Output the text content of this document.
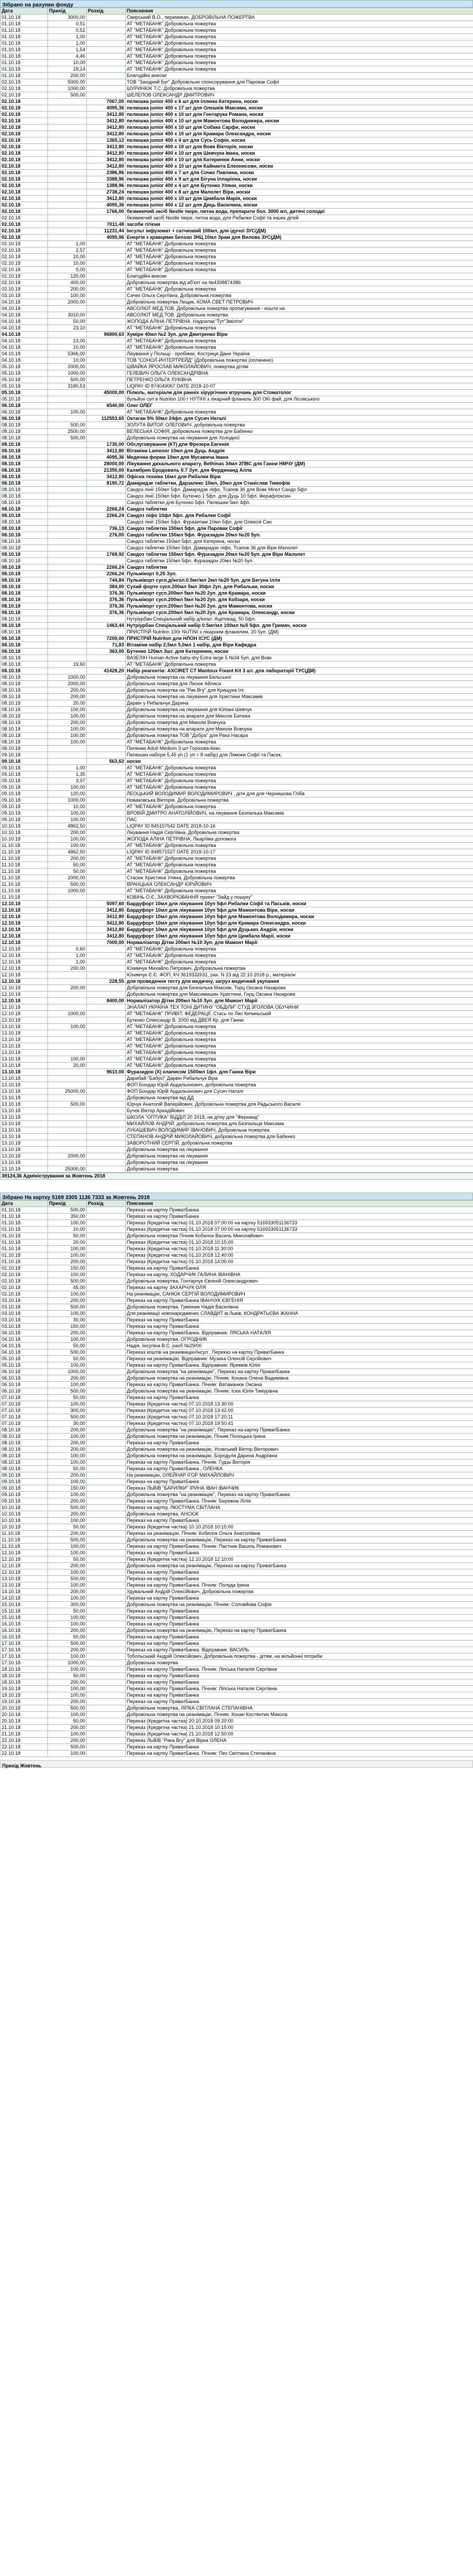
Зібрано на рахунки фонду
Дата	Прихід	Розхід	Пояснення
01.10.18	3000,00		Свирський В.О., перемикач, ДОБРОВІЛЬНА ПОЖЕРТВА
01.10.18	0,51		АТ "МЕТАБАНК" Добровільна пожертва
01.10.18	0,52		АТ "МЕТАБАНК" Добровільна пожертва
01.10.18	1,00		АТ "МЕТАБАНК" Добровільна пожертва
01.10.18	1,00		АТ "МЕТАБАНК" Добровільна пожертва
01.10.18	1,54		АТ "МЕТАБАНК" Добровільна пожертва
01.10.18	4,46		АТ "МЕТАБАНК" Добровільна пожертва
01.10.18	10,00		АТ "МЕТАБАНК" Добровільна пожертва
01.10.18	19,14		АТ "МЕТАБАНК" Добровільна пожертва
01.10.18	200,00		Благодійні внески
02.10.18	5000,00		ТОВ "Західний Буг" Добровільне спонсорування для Паровак Софії
02.10.18	1000,00		ШУРИНЮК Т.С. Добровільна пожертва
02.10.18	500,00		ШЕЛЕПОВ ОЛЕКСАНДР ДМИТРОВИЧ
02.10.18		7067,00	пелюшка junior 400 x 6 шт для Іллюка Катерина, носки
02.10.18		4095,36	пелюшка junior 400 x 17 шт для Олешків Максима, носки
02.10.18		3412,80	пелюшка junior 400 x 10 шт для Гонтарука Романа, носки
02.10.18		3412,80	пелюшка junior 400 x 10 шт для Мамонтова Володимира, носки
02.10.18		3412,80	пелюшка junior 400 x 10 шт для Собака Сарфи, носки
02.10.18		3412,80	пелюшка junior 400 x 10 шт для Крамара Олександра, носки
02.10.18		1365,12	пелюшка junior 400 x 4 шт для Сусь Софія, носки
02.10.18		3412,80	пелюшка junior 400 x 10 шт для Вовк Вікторія, носки
02.10.18		3412,80	пелюшка junior 400 x 10 шт для Шевчука Івана, носки
02.10.18		3412,80	пелюшка junior 400 x 10 шт для Катеринюк Анни, носки
02.10.18		3412,80	пелюшка junior 400 x 10 шт для Кайнанта Елеонисовн, носки
02.10.18		2386,96	пелюшка junior 400 x 7 шт для Сочко Павлина, носки
02.10.18		3388,96	пелюшка junior 400 x 9 шт для Бігуна Ілларіона, носки
02.10.18		1388,96	пелюшка junior 400 x 4 шт для Бутенко Уляни, носки
02.10.18		2738,24	пелюшка junior 400 x 8 шт для Малолет Віри, носки
02.10.18		3412,80	пелюшка junior 400 x 10 шт для Цимбала Марія, носки
02.10.18		4095,36	пелюшка junior 400 x 12 шт для Диць Василина, носки
02.10.18		1766,00	безмиючий засіб Nestle пюре, питна вода, препарати бол. 3000 мл, дитячі солодкі
02.10.18			безмиючий засіб Nestle пюре, питна вода, для Рибалки Софії та інших дітей
02.10.18		7011,48	засоби гігієни
02.10.18		11231,44	Інсульт інфузомат + cатчковий 100мл, для ідучої ЗУС(ДМ)
02.10.18		4095,96	Енергія з кравцями Sensan 3НЦ 10мл Зрам для Вилова ЗУС(ДМ)
02.10.18	1,00		АТ "МЕТАБАНК" Добровільна пожертва
02.10.18	2,57		АТ "МЕТАБАНК" Добровільна пожертва
02.10.18	10,00		АТ "МЕТАБАНК" Добровільна пожертва
02.10.18	10,00		АТ "МЕТАБАНК" Добровільна пожертва
02.10.18	0,00		АТ "МЕТАБАНК" Добровільна пожертва
02.10.18	120,00		Благодійні внески
02.10.18	400,00		Добровільна пожертва від аб'єкт на №4398874386
02.10.18	200,00		АТ "МЕТАБАНК" Добровільна пожертва
03.10.18	100,00		Сачек Ольга Сергіївна, Добровільна пожертва
04.10.18	2000,00		Добровільна пожертва Лещик, КОМА СВЕТ ПЕТРОВИЧ
04.10.18			АВСОЛЮТ МЕД.ТОВ. Добровільна пожертва пропагування - кошти на
04.10.18	3010,00		АВСОЛЮТ МЕД.ТОВ. Добровільна пожертва
04.10.18	50,00		ЖОПОДА АЛІНА ПЕТРІВНА. Надсилає"Тут"Зміліти"
04.10.18	23,10		АТ "МЕТАБАНК" Добровільна пожертва
04.10.18		96800,63	Хумірн 40мл №2 3уп. для Дмитренко Віри
04.10.18	13,00		АТ "МЕТАБАНК" Добровільна пожертва
04.10.18	10,00		АТ "МЕТАБАНК" Добровільна пожертва
04.10.18	5366,00		Лікування у Польщі - пробіжки, Костриця Дани Україна
04.10.18	10,00		ТОВ "СОНОЛ-ИНТЕРТРЕЙД" (Добровільна пожертва (оплачено)
05.10.18	2000,00		ШВАЙКА ЯРОСЛАВ МИКОЛАЙОВИЧ, пожертва дітям
05.10.18	1000,00		ГЕЛЕВИЧ ОЛЬГА ОЛЕКСАНДРІВНА
05.10.18	500,00		ПЕТРЕНКО ОЛЬГА ЛУКІВНА
05.10.18	3180,53		LIQPAY ID 874049067 DATE 2018-10-07
05.10.18		45000,00	Пілюль, матеріали для ранніх хірургічних втручань для Стоматолог
05.10.18			бульйон суп в Nutrilon 100 г НУТІНІ з лікарний фланель 300 ОКІ фай, для Лісовського
06.10.18		6540,00	Олег ОЛЕГ
06.10.18	100,00		АТ "МЕТАБАНК" Добровільна пожертва
06.10.18		112553,65	Октаган 5% 50мл 24фл. для Сусич Наталі
08.10.18	500,00		ЗОЛУТА ВИТОР, ОЛЕГОВИЧ, добровільна пожертва
08.10.18	2500,00		ВЕЛЕСЬКА СОФІЯ, добровільна пожертва для Бабенко
08.10.18	500,00		Добровільна пожертва на лікування для Холодної
08.10.18		1730,00	Обслуговування (КТ) для Фрезера Евгенія
08.10.18		3412,80	Вітаміни Lamenor 10мл для Дуць Андрія
08.10.18		4095,36	Медична форма 10мл для Мусавича Івана
08.10.18		28000,00	Лікування дихального апарату, Bethinas 34мл 2ПВС для Ганни НМЧУ (ДМ)
08.10.18		21350,00	Калмбрин Еродовиль 0.7 Зуп. для Фердинанд Алла
08.10.18		3412,80	Офісна техніка 16мл для Рибалки Віри
08.10.18		8190,72	Дамаридзе таблетки, Дарзалекс 10мл, 20мл для Станіслав Тимофів
08.10.18			Сандоз лінії 150мл 5фл. Дамаридзе ліфо, Тсапов 36 для Вовк Мігел Сандо 5фл
08.10.18			Сандоз лінії 150мл 5фл. Бутенко 1 5фл. для Дуць 10 5фл. Ферафлоксин
08.10.18			Сандоз таблетки для Бутенко 5фл. Пелюшки 5мл 4фл.
08.10.18		2266,24	Сандоз таблетки
08.10.18		2266,24	Сандоз ліфо 10фл 5фл. для Рибалки Софії
08.10.18			Сандоз лінії 150мл 5фл. Фуразепам 10мл 5фл. для Олексія Сан
08.10.18		736,13	Сандоз таблетки 150мл 5фл. для Паровак Софії
08.10.18		276,00	Сандоз таблетки 150мл 5фл. Фуразидон 20мл №20 5уп.
08.10.18			Сандоз таблетки 150мл 5фл. для Катерина, носки
08.10.18			Сандоз таблетки 150мл 5фл. Дамаридзе ліфо, Тсапов 36 для Віри Малолет
08.10.18		1768,92	Сандоз таблетки 150мл 5фл. Фуразидон 20мл №20 5уп. для Віри Малолет
08.10.18			Сандоз таблетки 150мл 5фл. Фуразидон 20мл №20 5уп.
08.10.18		2266,24	Сандоз таблетки
08.10.18		2266,24	Пульмікорт 0,25 Зуп.
08.10.18		744,84	Пульмікорт сусп.д/інгал.0.5мг/мл 2мл №20 5уп. для Бегуна Ілля
08.10.18		384,00	Сухий форте сусп.200мл 5мл 30фл 2уп. для Рибальки, носки
08.10.18		376,36	Пульмікорт сусп.200мл 5мл №20 2уп. для Крамара, носки
08.10.18		376,36	Пульмікорт сусп.200мл 5мл №20 2уп. для Кобзаря, носки
08.10.18		376,36	Пульмікорт сусп.200мл 5мл №20 2уп. для Мамонтова, носки
08.10.18		376,36	Пульмікорт сусп.200мл 5мл №20 2уп. для Крамара, Олександр, носки
08.10.18			Нутріурбан Спеціальний набір д/інгал. Ацетикад, 50 5фл.
08.10.18		1463,44	Нутріурбан Спеціальний набір 0.5мг/мл 100мл №5 5фл. для Гримач, носки
08.10.18			ПРИСТРІЙ Nutrilon 100г NUTINI з лікарним фланелем, 20 5уп. (ДМ)
08.10.18		7200,00	ПРИСТРІЙ Nutrilon для НЛОН ІСУС (ДМ)
08.10.18		71,83	Вітаміни набір 2,5мл 5,0мл 1 набір, для Віри Кафедра
08.10.18		363,00	Бутенко 120мл 3шт. для Катеринюк, носки
08.10.18			ВАЗЕЛІН Human Active baby-dry Extra large 5 №34 5уп. для Вовк
08.10.18	19,60		АТ "МЕТАБАНК" Добровільна пожертва
08.10.18		41428,20	Набір реагентів: AXCIRET CT Mantoux Fixant Kit 3 шт. для лабораторії ТУС(ДМ)
08.10.18	1000,00		Добровільна пожертва на лікування Бельської
08.10.18	2000,00		Добровільна пожертва для Лесюк Айлиса
08.10.18	200,00		Добровільна пожертва на "Рак Вгу" для Крищука Ілі
08.10.18	200,00		Добровільна пожертва на лікування для Христини Максимів
08.10.18	20,00		Дарвін у Рибальчук Дарина
08.10.18	100,00		Добровільна пожертва на лікування для Юліані Шевчук
08.10.18	100,00		Добровільна пожертва на апарати для Миколи Батюка
08.10.18	200,00		Добровільна пожертва для Миколи Вовчука
08.10.18	100,00		Добровільна пожертва на апарати для Миколи Вовчука
08.10.18	100,00		Добровільна пожертва ТОВ "Добра" для Рака Насара
08.10.18	100,00		АТ "МЕТАБАНК" Добровільна пожертва
08.10.18			Пеленки Adult Medium 3 шт Горіхова-Кекс
09.10.18			Пелюшки набори 5,45 уп (1 уп = 8 набір) для Лямоки Софії та Пасек,
09.10.18		563,63	носки
09.10.18	1,00		АТ "МЕТАБАНК" Добровільна пожертва
09.10.18	1,35		АТ "МЕТАБАНК" Добровільна пожертва
09.10.18	3,97		АТ "МЕТАБАНК" Добровільна пожертва
09.10.18	100,00		АТ "МЕТАБАНК" Добровільна пожертва
09.10.18	120,00		ЛЕОЦЬКИЙ ВОЛОДИМИР ВОЛОДИМИРОВИЧ , діти для для Чернишова Гліба
09.10.18	1000,00		Новаковська Вікторія, Добровільна пожертва
09.10.18	10,00		АТ "МЕТАБАНК" Добровільна пожертва
09.10.18	100,00		ВРОВІЙ ДМИТРО АНАТОЛІЙОВИЧ, на лікування Безпалька Максима
09.10.18	100,00		ПАС
10.10.18	4862,50		LIQPAY ID 845157542 DATE 2018-10-16
10.10.18	200,00		Лікування Надія Сергіївна, Добровільна пожертва
10.10.18	100,00		ЖОПОДА АЛІНА ПЕТРІВНА, Лікар/Іма допомога
11.10.18	100,00		АТ "МЕТАБАНК" Добровільна пожертва
11.10.18	4862,50		LIQPAY ID 848571527 DATE 2018-10-17
11.10.18	200,00		АТ "МЕТАБАНК" Добровільна пожертва
11.10.18	50,00		АТ "МЕТАБАНК" Добровільна пожертва
11.10.18	50,00		АТ "МЕТАБАНК" Добровільна пожертва
11.10.18	2000,00		Стасюк Христина Уляна, Добровільна пожертва
11.10.18	500,00		ВРАНЦЬКА ОЛЕКСАНДР ЮРІЙОВИЧ
11.10.18	1000,00		АТ "МЕТАБАНК" Добровільна пожертва
11.10.18			КОВІНЬ О.Є, ЗАХВОРЮВАННЯ проект "Зайд у пошуку"
12.10.18		5097,60	Бардуфорт 10мл для лікування 10уп 5фл Рибалки Софії та Паськів, носки
12.10.18		3412,80	Бардуфорт 10мл для лікування 10уп 5фл для Мамонтова Віри, носки
12.10.18		3412,80	Бардуфорт 10мл для лікування 10уп 5фл для Мамонтова Володимира, носки
12.10.18		3412,80	Бардуфорт 10мл для лікування 10уп 5фл для Крамара Олександра, носки
12.10.18		3412,80	Бардуфорт 10мл для лікування 10уп 5фл для Дуцьких Андрія, носки
12.10.18		3412,80	Бардуфорт 10мл для лікування 10уп 5фл для Цимбала Марії, носки
12.10.18		7000,00	Нормалізатор Дітки 200мл №10 3уп. для Мамонт Марії
12.10.18	0,60		АТ "МЕТАБАНК" Добровільна пожертва
12.10.18	1,00		АТ "МЕТАБАНК" Добровільна пожертва
12.10.18	1,00		АТ "МЕТАБАНК" Добровільна пожертва
12.10.18	200,00		Юхимчук Михайло Петрович, Добровільна пожертва
12.10.18			Юхимчук Є.Є. ФОП, КЧ 3619332631, рах. N 23 від 22.10.2018 р., матеріали
12.10.18		228,55	для проведення тесту для медичну, загруз медичний укупання
12.10.18	200,00		Добровільна пожертва для Безпалька Максим, Торц Оксана Назарова
12.10.18			Добровільна пожертва для Максимишин Христини, Горц Оксана Назарова
12.10.18		8400,00	Нормалізатор Дітки 200мл №10 3уп. для Мамонт Марії
12.10.18			ЭНАЛАП УКРАЇНА ТЕХ ТОНІ ДИТИНУ "ОБДІЛИ" СТУД ЗГОЛОВА ОБУЧИНИ
12.10.18	1000,00		АТ "МЕТАБАНК" ПРИВІТ, ФЕДЕРАЦІЇ, Стась по Лис Кичиньській
13.10.18			Бутенко Олександр В. 2000 від ДВЕЯ Кр. для Ганни
13.10.18	100,00		АТ "МЕТАБАНК" Добровільна пожертва
13.10.18			АТ "МЕТАБАНК" Добровільна пожертва
13.10.18			АТ "МЕТАБАНК" Добровільна пожертва
13.10.18			АТ "МЕТАБАНК" Добровільна пожертва
13.10.18			АТ "МЕТАБАНК" Добровільна пожертва
13.10.18	100,00		АТ "МЕТАБАНК" Добровільна пожертва
13.10.18	20,00		АТ "МЕТАБАНК" Добровільна пожертва
13.10.18		9610,00	Фуразидон (Х) клаписом 1500мл 1фл. для Ганни Віри
13.10.18			Дарибай "Бабусі" Дарвін Рибальчук Віра
13.10.18			ФОП Бондар Юрій Ардальонович, добровільна пожертва
13.10.18	25000,00		ФОП Бондар Юрій Ардальонович для Сусич Наталі
13.10.18			Добровільна пожертва від ДД
13.10.18	500,00		Юрчук Анатолій Валерійович, Добровільна пожертва для Радьського Василя
13.10.18			Бучок Віктор Аркадійович
13.10.18			ШКОЛА "ОПТИКА" ВІДДІЛ 20 2018, на дітку для "Фернанд"
13.10.18			МИХАЙЛОВ АНДРІЙ, добровільна пожертва для Безпальця Максима
13.10.18			ЛУКАШЕВИЧ ВОЛОДИМИР ІВАНОВИЧ, Добровільна пожертва
13.10.18			СТЕПАНОВ АНДРІЙ МИКОЛАЙОВИЧ, добровільна пожертва для Бабенко
13.10.18			ЗАВОРОТНИЙ СЕРГІЙ, добровільна пожертва
13.10.18			Добровільна пожертва на лікування
13.10.18	2000,00		Добровільна пожертва на лікування
13.10.18			Добровільна пожертва на лікування
13.10.18	25000,00		Добровільна пожертва
39124,36 Адміністрування за Жовтень 2018
Зібрано На картку 5169 3305 1136 7333 за Жовтень 2018
Дата	Прихід	Розхід	Пояснення
01.10.18	500,00		Переказ на картку ПриватБанка
01.10.18	350,00		Переказ на картку ПриватБанка
01.10.18	100,00		Переказ (Кредитна частка) 01.10.2018 07:00:00 на картку 516933051136733
01.10.18	10,00		Переказ (Кредитна частка) 01.10.2018 07:00:00 на картку 516933051136733
01.10.18	50,00		Добровільна пожертва Пічняк Кобилок Василь Миколайович
01.10.18	20,00		Переказ (Кредитна частка) 01.10.2018 10:15:00
01.10.18	100,00		Переказ (Кредитна частка) 01.10.2018 11:30:00
01.10.18	100,00		Переказ (Кредитна частка) 01.10.2018 12:40:00
01.10.18	200,00		Переказ (Кредитна частка) 01.10.2018 14:05:00
02.10.18	150,00		Переказ на картку ПриватБанка
02.10.18	100,00		Переказ на картку, ХОДАРЧИК ГАЛИНА ІВАНІВНА
02.10.18	500,00		Добровільна пожертва, Гонтарчук Євгеній Олександрович
02.10.18	45,00		Переказ на картку ЗАХАРЧУК ОЛЯ
02.10.18	100,00		На реанімацію, САНЮК СЕРГІЙ ВОЛОДИМИРОВИЧ
03.10.18	200,00		Переказ на картку ПриватБанка ІВАНЧУК ЄВГЕНІЯ
03.10.18	500,00		Добровільна пожертва, Гумінник Надія Василівна
03.10.18	100,00		Для реанімації новонароджених СЛАВДИТ м.Львів, КОНДРАТЬЄВА ЖАННА
03.10.18	30,00		Переказ на картку ПриватБанка
03.10.18	150,00		Переказ на картку ПриватБанка
04.10.18	200,00		Переказ на картку ПриватБанка. Відправник: ЛЯСЬКА НАТАЛІЯ
04.10.18	100,00		Добровільна пожертва, ОГРОДНИК
04.10.18	50,00		Надія, Інсуліна В.С. рах5 №29/00
04.10.18	500,00		Переказ коштів на реанімацію/Інсул , Переказ на картку ПриватБанка
05.10.18	50,00		Переказ на реанімацію. Відправник: Музика Олексій Сергійович
05.10.18	100,00		Переказ на картку ПриватБанка. Відправник: Яремків Юлія
06.10.18	1000,00		Добровільна пожертва "на реанімацію", Переказ на картку ПриватБанка
06.10.18	200,00		Добровільна пожертва на реанімацію, Пічняк: Кохана Олена Вадимівна
06.10.18	100,00		Переказ на картку ПриватБанка. Пічняк: Ватаманюк Оксана
06.10.18	500,00		Добровільна пожертва на реанімацію. Пічняк: Ісюк Юлія Тимурівна
07.10.18	50,00		Переказ на картку ПриватБанка
07.10.18	100,00		Переказ (Кредитна частка) 07.10.2018 13:30:00
07.10.18	300,00		Переказ (Кредитна частка) 07.10.2018 13:42:00
07.10.18	500,00		Переказ (Кредитна частка) 07.10.2018 17:20:11
07.10.18	30,00		Переказ (Кредитна частка) 07.10.2018 19:50:41
08.10.18	200,00		Добровільна пожертва "на реанімацію", Переказ на картку ПриватБанка
08.10.18	100,00		Добровільна пожертва на реанімацію, Пічняк Полоцька Ірина
08.10.18	200,00		Переказ на картку ПриватБанка
08.10.18	200,00		Добровільна пожертва на реанімацію, Усовський Віктор Вікторович
08.10.18	100,00		Добровільна пожертва на реанімацію, Бородуля Дарина Андріївна
08.10.18	100,00		Переказ на картку ПриватБанка. Пічняк: Гудзь Вікторія
08.10.18	50,00		Переказ на картку ПриватБанка , ОЛЕНКА
09.10.18	200,00		На реанімацію, ОЛЕЙНАР ІГОР МИХАЙЛОВИЧ
09.10.18	100,00		Переказ на картку ПриватБанка
09.10.18	150,00		Переказ ЛЬВІВ "БАРИЛКИ" ІРИНА ІВАН ІВАНЧИК
09.10.18	100,00		Добровільна пожертва "на реанімацію", Переказ на картку ПриватБанка
09.10.18	200,00		Переказ на картку ПриватБанка. Пічняк: Бережна Лілія
10.10.18	500,00		Переказ на картку, ЛЮСТУМА СВІТЛАНА
10.10.18	200,00		Добровільна пожертва, АНСЮК
10.10.18	100,00		Переказ на картку ПриватБанка
10.10.18	50,00		Переказ (Кредитна частка) 10.10.2018 10:15:00
11.10.18	200,00		Переказ на реанімацію. Пічняк: Кобилок Ольга Анатоліївна
11.10.18	500,00		Добровільна пожертва на реанімацію, Переказ на картку ПриватБанка
11.10.18	100,00		Переказ на картку ПриватБанка. Пічняк: Пастник Василь Романович
12.10.18	100,00		Переказ на картку ПриватБанка
12.10.18	50,00		Переказ (Кредитна частка) 12.10.2018 12:10:00
12.10.18	200,00		Добровільна пожертва на реанімацію, Переказ на картку ПриватБанка
12.10.18	100,00		Переказ на картку ПриватБанка
13.10.18	500,00		Переказ на картку ПриватБанка
13.10.18	100,00		Переказ на картку ПриватБанка. Пічняк: Полуда Ірина
14.10.18	200,00		Удувальний Андрій Олексійович, Добровільна пожертва
14.10.18	100,00		Переказ на картку ПриватБанка
15.10.18	300,00		Добровільна пожертва на реанімацію. Пічняк: Соловйова Софія
15.10.18	50,00		Переказ на картку ПриватБанка
15.10.18	100,00		Переказ на картку ПриватБанка
16.10.18	100,00		Переказ на картку ПриватБанка
16.10.18	200,00		Добровільна пожертва на реанімацію, Переказ на картку ПриватБанка
16.10.18	50,00		Переказ на картку ПриватБанка
17.10.18	500,00		Переказ на картку ПриватБанка
17.10.18	200,00		Переказ на картку ПриватБанка. Відправник: ВАСИЛЬ
17.10.18	100,00		Тобольський Андрій Олексійович, Добровільна пожертва - дітям, на мільйонні потреби
17.10.18	1000,00		Добровільна пожертва
18.10.18	100,00		Переказ на картку ПриватБанка. Пічняк: Ліпська Наталія Сергіївна
18.10.18	50,00		Переказ на картку ПриватБанка
18.10.18	200,00		Переказ на картку ПриватБанка
19.10.18	100,00		Переказ на картку ПриватБанка. Пічняк: Ліпська Наталія Сергіївна
19.10.18	100,00		Переказ на картку ПриватБанка
19.10.18	200,00		Переказ на картку ПриватБанка
20.10.18	500,00		Добровільна пожертва, ЛІПКА СВІТЛАНА СТЕПАНІВНА
20.10.18	100,00		Добровільна пожертва на реанімацію. Пічняк: Кохан Костянтин Микола
20.10.18	50,00		Переказ (Кредитна частка) 20.10.2018 09:20:00
21.10.18	200,00		Переказ (Кредитна частка) 21.10.2018 10:15:00
21.10.18	100,00		Переказ (Кредитна частка) 21.10.2018 12:50:00
22.10.18	200,00		Переказ ЛЬВІВ "Рака Вгу" для Вірка ОЛЕНА
22.10.18	500,00		Переказ на картку ПриватБанка
22.10.18	100,00		Переказ на картку ПриватБанка. Пічняк: Пех Світлана Степанівна
Прихід Жовтень
